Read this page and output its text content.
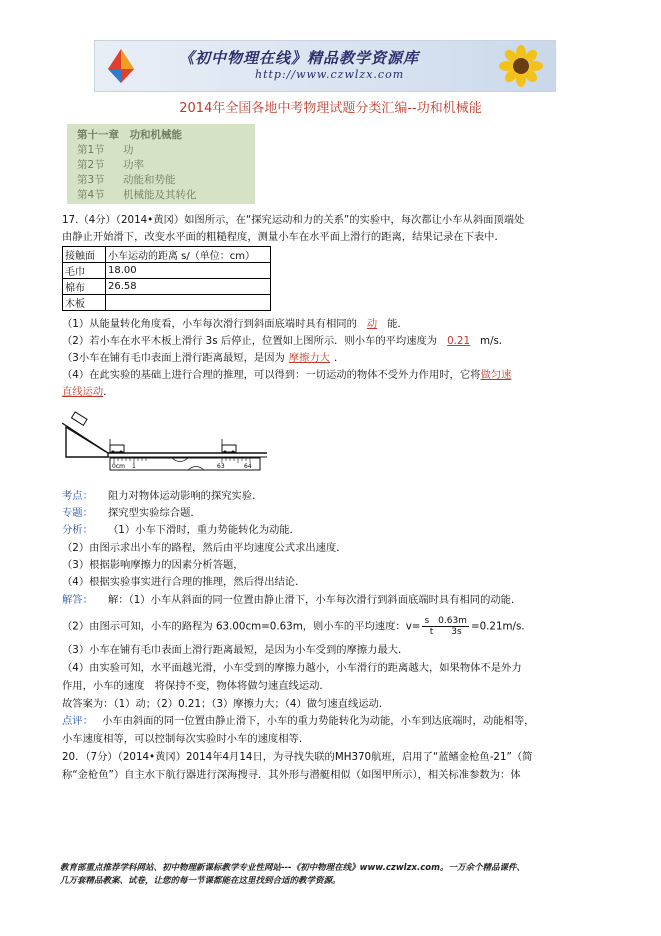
《初中物理在线》精品教学资源库
http://www.czwlzx.com
2014年全国各地中考物理试题分类汇编--功和机械能
第十一章　功和机械能
第1节 功
第2节 功率
第3节 动能和势能
第4节 机械能及其转化
17.（4分）（2014•黄冈）如图所示，在“探究运动和力的关系”的实验中，每次都让小车从斜面顶端处
由静止开始滑下，改变水平面的粗糙程度，测量小车在水平面上滑行的距离，结果记录在下表中．
接触面	小车运动的距离 s/（单位：cm）
毛巾	18.00
棉布	26.58
木板	
（1）从能量转化角度看，小车每次滑行到斜面底端时具有相同的 动 能．
（2）若小车在水平木板上滑行 3s 后停止，位置如上图所示．则小车的平均速度为 0.21 m/s．
（3小车在铺有毛巾表面上滑行距离最短，是因为 摩擦力大 ．
（4）在此实验的基础上进行合理的推理，可以得到：一切运动的物体不受外力作用时，它将做匀速
直线运动．
0cm 1	63	64
考点： 阻力对物体运动影响的探究实验．
专题： 探究型实验综合题．
分析： （1）小车下滑时，重力势能转化为动能．
（2）由图示求出小车的路程，然后由平均速度公式求出速度．
（3）根据影响摩擦力的因素分析答题，
（4）根据实验事实进行合理的推理，然后得出结论．
解答： 解：（1）小车从斜面的同一位置由静止滑下，小车每次滑行到斜面底端时具有相同的动能．
（2）由图示可知，小车的路程为 63.00cm=0.63m，则小车的平均速度：$v= \frac{s 0.63m}{t 3s} =0.21m/s$．
（3）小车在铺有毛巾表面上滑行距离最短，是因为小车受到的摩擦力最大．
（4）由实验可知，水平面越光滑，小车受到的摩擦力越小，小车滑行的距离越大，如果物体不是外力
作用，小车的速度　将保持不变，物体将做匀速直线运动．
故答案为：（1）动；（2）0.21；（3）摩擦力大；（4）做匀速直线运动．
点评： 小车由斜面的同一位置由静止滑下，小车的重力势能转化为动能，小车到达底端时，动能相等，
小车速度相等，可以控制每次实验时小车的速度相等．
20．（7分）（2014•黄冈）2014年4月14日，为寻找失联的MH370航班，启用了“蓝鳍金枪鱼-21”（简
称“金枪鱼”）自主水下航行器进行深海搜寻．其外形与潜艇相似（如图甲所示），相关标准参数为：体
教育部重点推荐学科网站、初中物理新课标教学专业性网站---《初中物理在线》www.czwlzx.com。一万余个精品课件、
几万套精品教案、试卷，让您的每一节课都能在这里找到合适的教学资源。
